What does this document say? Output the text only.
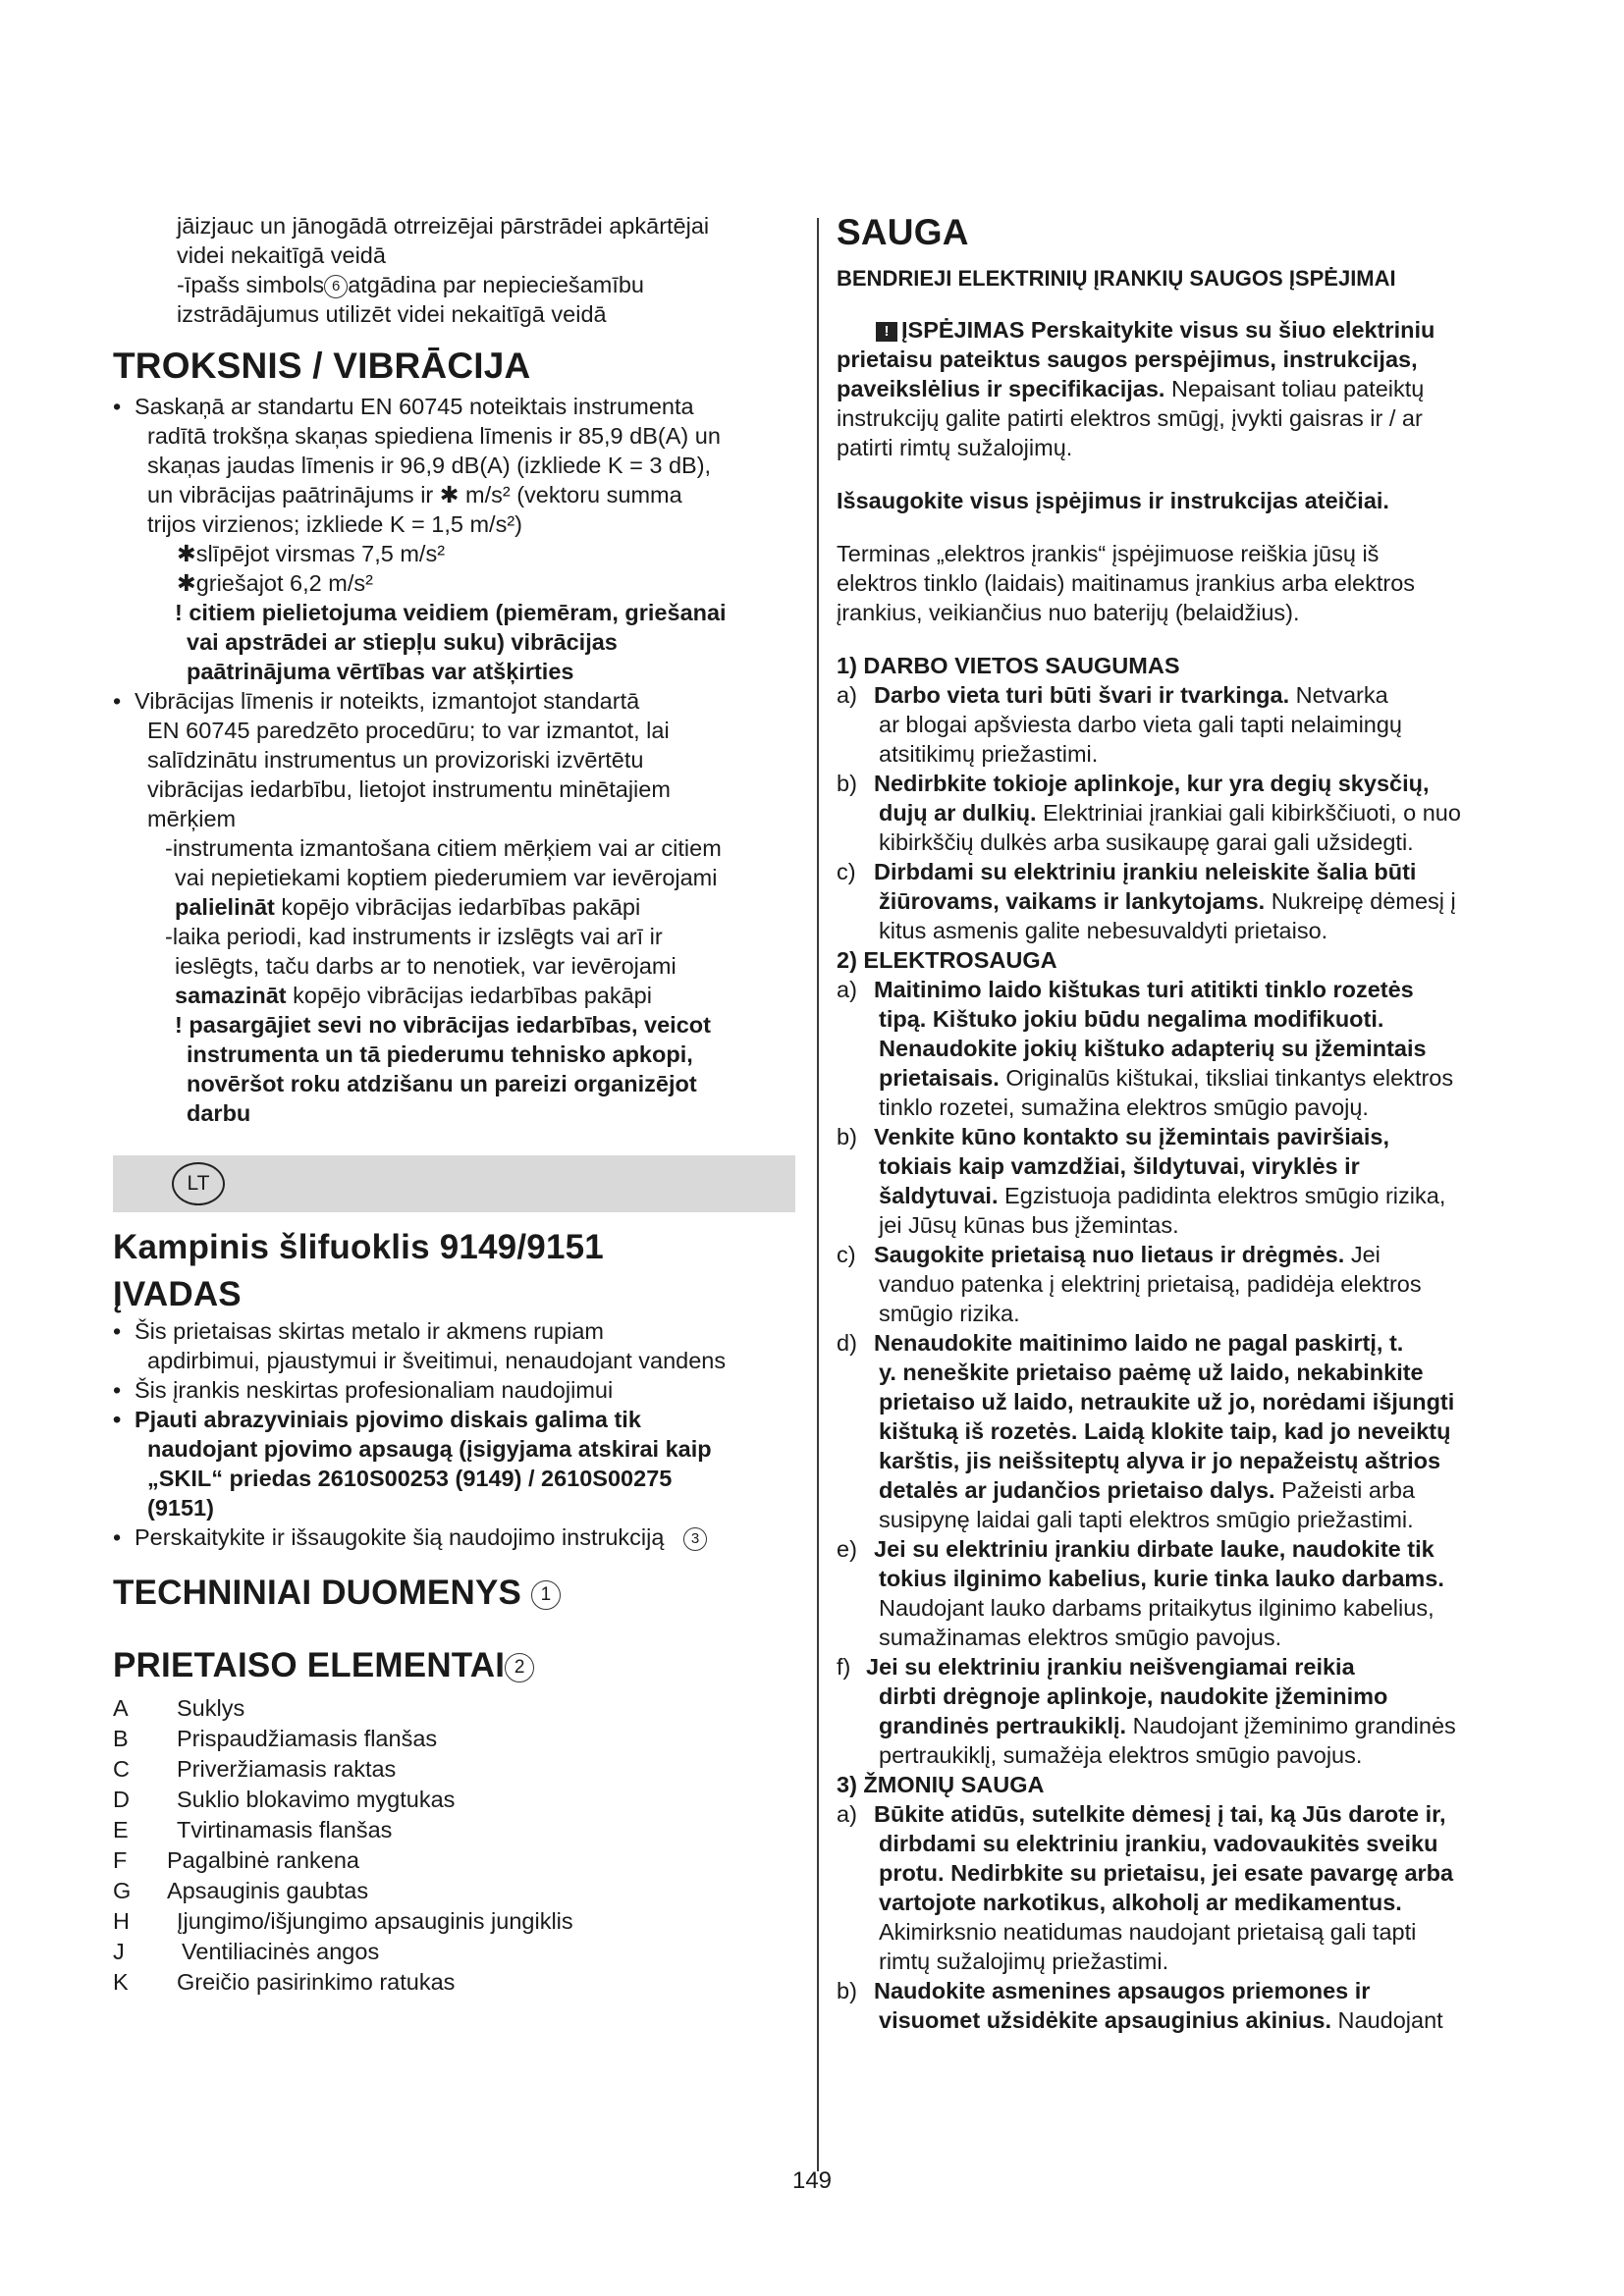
jāizjauc un jānogādā otrreizējai pārstrādei apkārtējai

videi nekaitīgā veidā

-īpašs simbols 6 atgādina par nepieciešamību

izstrādājumus utilizēt videi nekaitīgā veidā

TROKSNIS / VIBRĀCIJA
• Saskaņā ar standartu EN 60745 noteiktais instrumenta

radītā trokšņa skaņas spiediena līmenis ir 85,9 dB(A) un

skaņas jaudas līmenis ir 96,9 dB(A) (izkliede K = 3 dB),

un vibrācijas paātrinājums ir ✱ m/s² (vektoru summa

trijos virzienos; izkliede K = 1,5 m/s²)

✱slīpējot virsmas 7,5 m/s²

✱griešajot 6,2 m/s²

! citiem pielietojuma veidiem (piemēram, griešanai

vai apstrādei ar stiepļu suku) vibrācijas

paātrinājuma vērtības var atšķirties

• Vibrācijas līmenis ir noteikts, izmantojot standartā

EN 60745 paredzēto procedūru; to var izmantot, lai

salīdzinātu instrumentus un provizoriski izvērtētu

vibrācijas iedarbību, lietojot instrumentu minētajiem

mērķiem

-instrumenta izmantošana citiem mērķiem vai ar citiem

vai nepietiekami koptiem piederumiem var ievērojami

palielināt kopējo vibrācijas iedarbības pakāpi

-laika periodi, kad instruments ir izslēgts vai arī ir

ieslēgts, taču darbs ar to nenotiek, var ievērojami

samazināt kopējo vibrācijas iedarbības pakāpi

! pasargājiet sevi no vibrācijas iedarbības, veicot

instrumenta un tā piederumu tehnisko apkopi,

novēršot roku atdzišanu un pareizi organizējot

darbu

LT
Kampinis šlifuoklis 9149/9151
ĮVADAS
• Šis prietaisas skirtas metalo ir akmens rupiam

apdirbimui, pjaustymui ir šveitimui, nenaudojant vandens

• Šis įrankis neskirtas profesionaliam naudojimui

• Pjauti abrazyviniais pjovimo diskais galima tik

naudojant pjovimo apsaugą (įsigyjama atskirai kaip

„SKIL“ priedas 2610S00253 (9149) / 2610S00275

(9151)

• Perskaitykite ir išsaugokite šią naudojimo instrukciją 3

TECHNINIAI DUOMENYS 1
PRIETAISO ELEMENTAI 2
A	Suklys
B	Prispaudžiamasis flanšas
C	Priveržiamasis raktas
D	Suklio blokavimo mygtukas
E	Tvirtinamasis flanšas
F	Pagalbinė rankena
G	Apsauginis gaubtas
H	Įjungimo/išjungimo apsauginis jungiklis
J	Ventiliacinės angos
K	Greičio pasirinkimo ratukas
SAUGA

BENDRIEJI ELEKTRINIŲ ĮRANKIŲ SAUGOS ĮSPĖJIMAI

! ĮSPĖJIMAS Perskaitykite visus su šiuo elektriniu

prietaisu pateiktus saugos perspėjimus, instrukcijas,

paveikslėlius ir specifikacijas. Nepaisant toliau pateiktų

instrukcijų galite patirti elektros smūgį, įvykti gaisras ir / ar

patirti rimtų sužalojimų.

Išsaugokite visus įspėjimus ir instrukcijas ateičiai.

Terminas „elektros įrankis“ įspėjimuose reiškia jūsų iš

elektros tinklo (laidais) maitinamus įrankius arba elektros

įrankius, veikiančius nuo baterijų (belaidžius).

1) DARBO VIETOS SAUGUMAS

a) Darbo vieta turi būti švari ir tvarkinga. Netvarka

ar blogai apšviesta darbo vieta gali tapti nelaimingų

atsitikimų priežastimi.

b) Nedirbkite tokioje aplinkoje, kur yra degių skysčių,

dujų ar dulkių. Elektriniai įrankiai gali kibirkščiuoti, o nuo

kibirkščių dulkės arba susikaupę garai gali užsidegti.

c) Dirbdami su elektriniu įrankiu neleiskite šalia būti

žiūrovams, vaikams ir lankytojams. Nukreipę dėmesį į

kitus asmenis galite nebesuvaldyti prietaiso.

2) ELEKTROSAUGA

a) Maitinimo laido kištukas turi atitikti tinklo rozetės

tipą. Kištuko jokiu būdu negalima modifikuoti.

Nenaudokite jokių kištuko adapterių su įžemintais

prietaisais. Originalūs kištukai, tiksliai tinkantys elektros

tinklo rozetei, sumažina elektros smūgio pavojų.

b) Venkite kūno kontakto su įžemintais paviršiais,

tokiais kaip vamzdžiai, šildytuvai, viryklės ir

šaldytuvai. Egzistuoja padidinta elektros smūgio rizika,

jei Jūsų kūnas bus įžemintas.

c) Saugokite prietaisą nuo lietaus ir drėgmės. Jei

vanduo patenka į elektrinį prietaisą, padidėja elektros

smūgio rizika.

d) Nenaudokite maitinimo laido ne pagal paskirtį, t.

y. neneškite prietaiso paėmę už laido, nekabinkite

prietaiso už laido, netraukite už jo, norėdami išjungti

kištuką iš rozetės. Laidą klokite taip, kad jo neveiktų

karštis, jis neišsiteptų alyva ir jo nepažeistų aštrios

detalės ar judančios prietaiso dalys. Pažeisti arba

susipynę laidai gali tapti elektros smūgio priežastimi.

e) Jei su elektriniu įrankiu dirbate lauke, naudokite tik

tokius ilginimo kabelius, kurie tinka lauko darbams.

Naudojant lauko darbams pritaikytus ilginimo kabelius,

sumažinamas elektros smūgio pavojus.

f) Jei su elektriniu įrankiu neišvengiamai reikia

dirbti drėgnoje aplinkoje, naudokite įžeminimo

grandinės pertraukiklį. Naudojant įžeminimo grandinės

pertraukiklį, sumažėja elektros smūgio pavojus.

3) ŽMONIŲ SAUGA

a) Būkite atidūs, sutelkite dėmesį į tai, ką Jūs darote ir,

dirbdami su elektriniu įrankiu, vadovaukitės sveiku

protu. Nedirbkite su prietaisu, jei esate pavargę arba

vartojote narkotikus, alkoholį ar medikamentus.

Akimirksnio neatidumas naudojant prietaisą gali tapti

rimtų sužalojimų priežastimi.

b) Naudokite asmenines apsaugos priemones ir

visuomet užsidėkite apsauginius akinius. Naudojant

149
